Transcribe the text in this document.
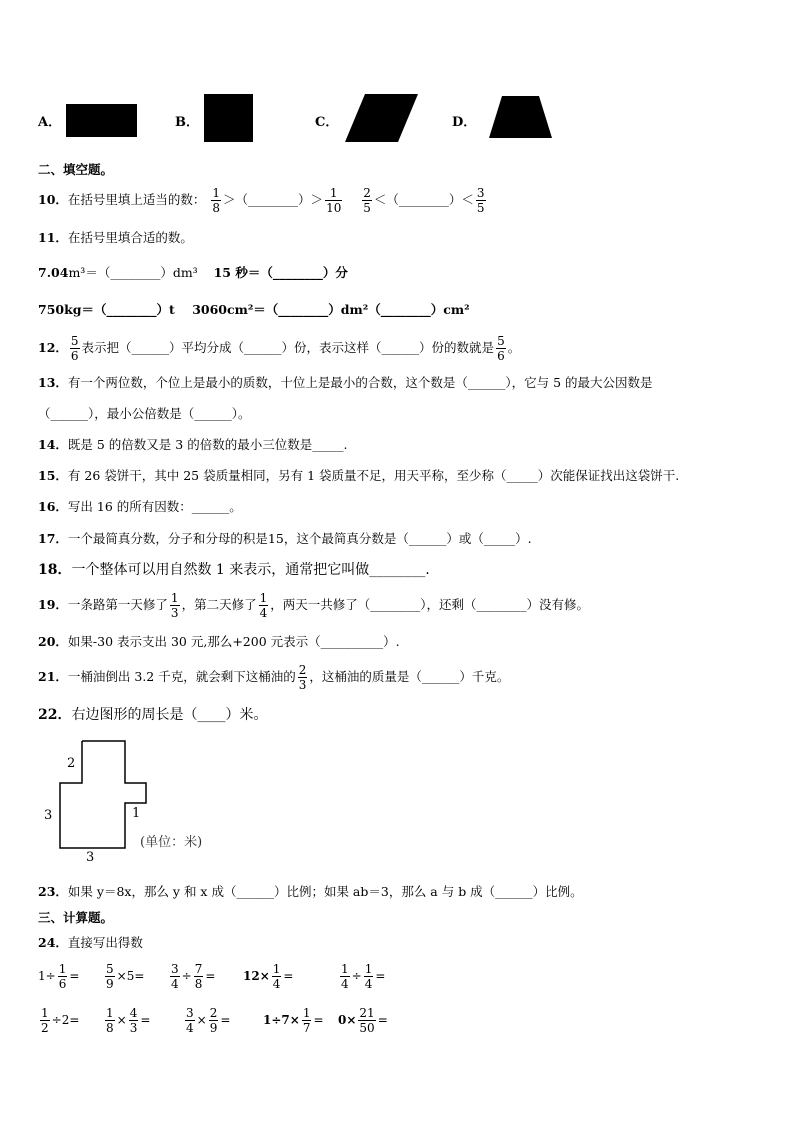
A．	B．	C．	D．
二、填空题。
10．在括号里填上适当的数： $\frac{1}{8}$ ＞（________）＞ $\frac{1}{10}$
$\frac{2}{5}$ ＜（________）＜ $\frac{3}{5}$
11．在括号里填合适的数。
7.04m³＝（________）dm³ 15 秒＝（________）分
750kg＝（________）t 3060cm²＝（________）dm²（________）cm²
12． $\frac{5}{6}$ 表示把（______）平均分成（______）份，表示这样（______）份的数就是 $\frac{5}{6}$ 。
13．有一个两位数，个位上是最小的质数，十位上是最小的合数，这个数是（______），它与 5 的最大公因数是
（______），最小公倍数是（______）。
14．既是 5 的倍数又是 3 的倍数的最小三位数是_____.
15．有 26 袋饼干，其中 25 袋质量相同，另有 1 袋质量不足，用天平称，至少称（_____）次能保证找出这袋饼干.
16．写出 16 的所有因数：______。
17．一个最简真分数，分子和分母的积是15，这个最简真分数是（______）或（_____）.
18．一个整体可以用自然数 1 来表示，通常把它叫做________.
19．一条路第一天修了 $\frac{1}{3}$ ，第二天修了 $\frac{1}{4}$ ，两天一共修了（________），还剩（________）没有修。
20．如果-30 表示支出 30 元,那么+200 元表示（__________）.
21．一桶油倒出 3.2 千克，就会剩下这桶油的 $\frac{2}{3}$ ，这桶油的质量是（______）千克。
22．右边图形的周长是（____）米。
2
3	1
3
(单位：米)
23．如果 y＝8x，那么 y 和 x 成（______）比例；如果 ab＝3，那么 a 与 b 成（______）比例。
三、计算题。
24．直接写出得数
$1\div \frac{1}{6} = \frac{5}{9} \times 5= \frac{3}{4} \div \frac{7}{8} = 12\times \frac{1}{4}$ =	$\frac{1}{4} \div \frac{1}{4}$ =
$\frac{1}{2} \div 2= \frac{1}{8} \times \frac{4}{3}$ =	$\frac{3}{4} \times \frac{2}{9}$ =	$1\div 7\times \frac{1}{7} = 0\times \frac{21}{50}$ =
